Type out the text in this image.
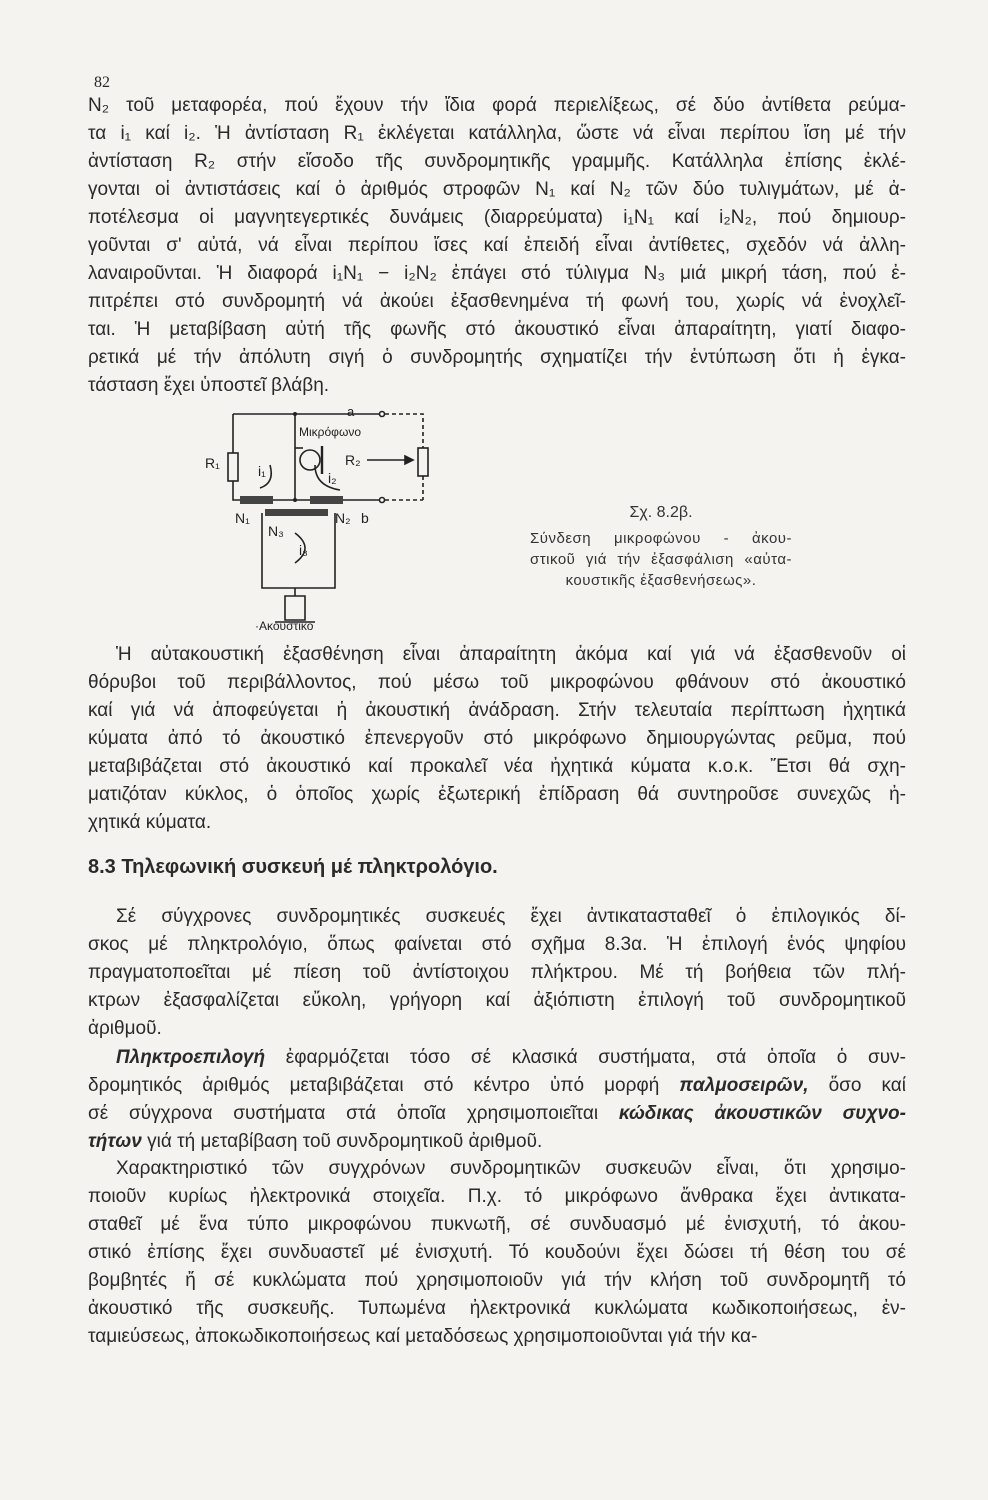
82
N₂ τοῦ μεταφορέα, πού ἔχουν τήν ἴδια φορά περιελίξεως, σέ δύο ἀντίθετα ρεύμα-
τα i₁ καί i₂. Ἡ ἀντίσταση R₁ ἐκλέγεται κατάλληλα, ὥστε νά εἶναι περίπου ἴση μέ τήν
ἀντίσταση R₂ στήν εἴσοδο τῆς συνδρομητικῆς γραμμῆς. Κατάλληλα ἐπίσης ἐκλέ-
γονται οἱ ἀντιστάσεις καί ὁ ἀριθμός στροφῶν N₁ καί N₂ τῶν δύο τυλιγμάτων, μέ ἀ-
ποτέλεσμα οἱ μαγνητεγερτικές δυνάμεις (διαρρεύματα) i₁N₁ καί i₂N₂, πού δημιουρ-
γοῦνται σ' αὐτά, νά εἶναι περίπου ἴσες καί ἐπειδή εἶναι ἀντίθετες, σχεδόν νά ἀλλη-
λαναιροῦνται. Ἡ διαφορά i₁N₁ − i₂N₂ ἐπάγει στό τύλιγμα N₃ μιά μικρή τάση, πού ἐ-
πιτρέπει στό συνδρομητή νά ἀκούει ἐξασθενημένα τή φωνή του, χωρίς νά ἐνοχλεῖ-
ται. Ἡ μεταβίβαση αὐτή τῆς φωνῆς στό ἀκουστικό εἶναι ἀπαραίτητη, γιατί διαφο-
ρετικά μέ τήν ἀπόλυτη σιγή ὁ συνδρομητής σχηματίζει τήν ἐντύπωση ὅτι ἡ ἐγκα-
τάσταση ἔχει ὑποστεῖ βλάβη.
a
b
Μικρόφωνο
R₁	R₂
i₁	i₂
i₃
N₁	N₂
N₃
·Ακουστικο
Σχ. 8.2β.
Σύνδεση μικροφώνου - ἀκου-
στικοῦ γιά τήν ἐξασφάλιση «αὐτα-
κουστικῆς ἐξασθενήσεως».
Ἡ αὐτακουστική ἐξασθένηση εἶναι ἀπαραίτητη ἀκόμα καί γιά νά ἐξασθενοῦν οἱ
θόρυβοι τοῦ περιβάλλοντος, πού μέσω τοῦ μικροφώνου φθάνουν στό ἀκουστικό
καί γιά νά ἀποφεύγεται ἡ ἀκουστική ἀνάδραση. Στήν τελευταία περίπτωση ἠχητικά
κύματα ἀπό τό ἀκουστικό ἐπενεργοῦν στό μικρόφωνο δημιουργώντας ρεῦμα, πού
μεταβιβάζεται στό ἀκουστικό καί προκαλεῖ νέα ἠχητικά κύματα κ.ο.κ. Ἔτσι θά σχη-
ματιζόταν κύκλος, ὁ ὁποῖος χωρίς ἐξωτερική ἐπίδραση θά συντηροῦσε συνεχῶς ἠ-
χητικά κύματα.
8.3 Τηλεφωνική συσκευή μέ πληκτρολόγιο.
Σέ σύγχρονες συνδρομητικές συσκευές ἔχει ἀντικατασταθεῖ ὁ ἐπιλογικός δί-
σκος μέ πληκτρολόγιο, ὅπως φαίνεται στό σχῆμα 8.3α. Ἡ ἐπιλογή ἑνός ψηφίου
πραγματοποεῖται μέ πίεση τοῦ ἀντίστοιχου πλήκτρου. Μέ τή βοήθεια τῶν πλή-
κτρων ἐξασφαλίζεται εὔκολη, γρήγορη καί ἀξιόπιστη ἐπιλογή τοῦ συνδρομητικοῦ
ἀριθμοῦ.
Πληκτροεπιλογή ἐφαρμόζεται τόσο σέ κλασικά συστήματα, στά ὁποῖα ὁ συν-
δρομητικός ἀριθμός μεταβιβάζεται στό κέντρο ὑπό μορφή παλμοσειρῶν, ὅσο καί
σέ σύγχρονα συστήματα στά ὁποῖα χρησιμοποιεῖται κώδικας ἀκουστικῶν συχνο-
τήτων γιά τή μεταβίβαση τοῦ συνδρομητικοῦ ἀριθμοῦ.
Χαρακτηριστικό τῶν συγχρόνων συνδρομητικῶν συσκευῶν εἶναι, ὅτι χρησιμο-
ποιοῦν κυρίως ἠλεκτρονικά στοιχεῖα. Π.χ. τό μικρόφωνο ἄνθρακα ἔχει ἀντικατα-
σταθεῖ μέ ἕνα τύπο μικροφώνου πυκνωτῆ, σέ συνδυασμό μέ ἐνισχυτή, τό ἀκου-
στικό ἐπίσης ἔχει συνδυαστεῖ μέ ἐνισχυτή. Τό κουδούνι ἔχει δώσει τή θέση του σέ
βομβητές ἤ σέ κυκλώματα πού χρησιμοποιοῦν γιά τήν κλήση τοῦ συνδρομητῆ τό
ἀκουστικό τῆς συσκευῆς. Τυπωμένα ἠλεκτρονικά κυκλώματα κωδικοποιήσεως, ἐν-
ταμιεύσεως, ἀποκωδικοποιήσεως καί μεταδόσεως χρησιμοποιοῦνται γιά τήν κα-
